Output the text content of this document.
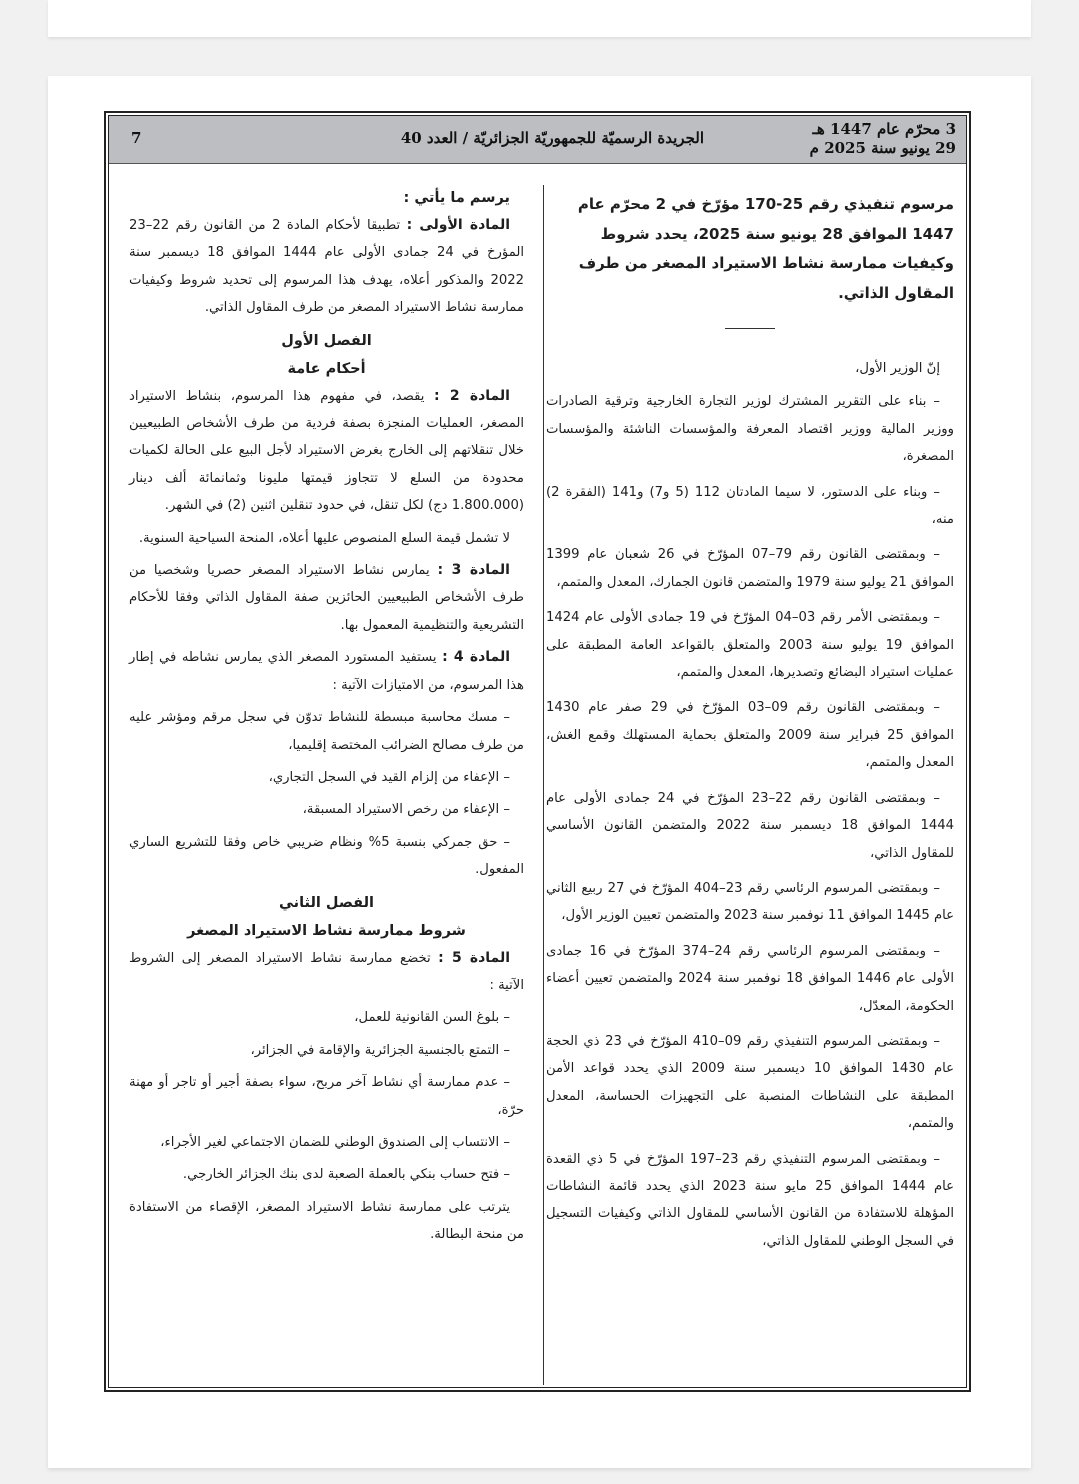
3 محرّم عام 1447 هـ
29 يونيو سنة 2025 م
الجريدة الرسميّة للجمهوريّة الجزائريّة / العدد 40
7

مرسوم تنفيذي رقم 25-170 مؤرّخ في 2 محرّم عام 1447 الموافق 28 يونيو سنة 2025، يحدد شروط وكيفيات ممارسة نشاط الاستيراد المصغر من طرف المقاول الذاتي.

إنّ الوزير الأول،

– بناء على التقرير المشترك لوزير التجارة الخارجية وترقية الصادرات ووزير المالية ووزير اقتصاد المعرفة والمؤسسات الناشئة والمؤسسات المصغرة،

– وبناء على الدستور، لا سيما المادتان 112 (5 و7) و141 (الفقرة 2) منه،

– وبمقتضى القانون رقم 79–07 المؤرّخ في 26 شعبان عام 1399 الموافق 21 يوليو سنة 1979 والمتضمن قانون الجمارك، المعدل والمتمم،

– وبمقتضى الأمر رقم 03–04 المؤرّخ في 19 جمادى الأولى عام 1424 الموافق 19 يوليو سنة 2003 والمتعلق بالقواعد العامة المطبقة على عمليات استيراد البضائع وتصديرها، المعدل والمتمم،

– وبمقتضى القانون رقم 09–03 المؤرّخ في 29 صفر عام 1430 الموافق 25 فبراير سنة 2009 والمتعلق بحماية المستهلك وقمع الغش، المعدل والمتمم،

– وبمقتضى القانون رقم 22–23 المؤرّخ في 24 جمادى الأولى عام 1444 الموافق 18 ديسمبر سنة 2022 والمتضمن القانون الأساسي للمقاول الذاتي،

– وبمقتضى المرسوم الرئاسي رقم 23–404 المؤرّخ في 27 ربيع الثاني عام 1445 الموافق 11 نوفمبر سنة 2023 والمتضمن تعيين الوزير الأول،

– وبمقتضى المرسوم الرئاسي رقم 24–374 المؤرّخ في 16 جمادى الأولى عام 1446 الموافق 18 نوفمبر سنة 2024 والمتضمن تعيين أعضاء الحكومة، المعدّل،

– وبمقتضى المرسوم التنفيذي رقم 09–410 المؤرّخ في 23 ذي الحجة عام 1430 الموافق 10 ديسمبر سنة 2009 الذي يحدد قواعد الأمن المطبقة على النشاطات المنصبة على التجهيزات الحساسة، المعدل والمتمم،

– وبمقتضى المرسوم التنفيذي رقم 23–197 المؤرّخ في 5 ذي القعدة عام 1444 الموافق 25 مايو سنة 2023 الذي يحدد قائمة النشاطات المؤهلة للاستفادة من القانون الأساسي للمقاول الذاتي وكيفيات التسجيل في السجل الوطني للمقاول الذاتي،

يرسم ما يأتي :

المادة الأولى : تطبيقا لأحكام المادة 2 من القانون رقم 22–23 المؤرخ في 24 جمادى الأولى عام 1444 الموافق 18 ديسمبر سنة 2022 والمذكور أعلاه، يهدف هذا المرسوم إلى تحديد شروط وكيفيات ممارسة نشاط الاستيراد المصغر من طرف المقاول الذاتي.

الفصل الأول

أحكام عامة

المادة 2 : يقصد، في مفهوم هذا المرسوم، بنشاط الاستيراد المصغر، العمليات المنجزة بصفة فردية من طرف الأشخاص الطبيعيين خلال تنقلاتهم إلى الخارج بغرض الاستيراد لأجل البيع على الحالة لكميات محدودة من السلع لا تتجاوز قيمتها مليونا وثمانمائة ألف دينار (1.800.000 دج) لكل تنقل، في حدود تنقلين اثنين (2) في الشهر.

لا تشمل قيمة السلع المنصوص عليها أعلاه، المنحة السياحية السنوية.

المادة 3 : يمارس نشاط الاستيراد المصغر حصريا وشخصيا من طرف الأشخاص الطبيعيين الحائزين صفة المقاول الذاتي وفقا للأحكام التشريعية والتنظيمية المعمول بها.

المادة 4 : يستفيد المستورد المصغر الذي يمارس نشاطه في إطار هذا المرسوم، من الامتيازات الآتية :

– مسك محاسبة مبسطة للنشاط تدوّن في سجل مرقم ومؤشر عليه من طرف مصالح الضرائب المختصة إقليميا،

– الإعفاء من إلزام القيد في السجل التجاري،

– الإعفاء من رخص الاستيراد المسبقة،

– حق جمركي بنسبة 5% ونظام ضريبي خاص وفقا للتشريع الساري المفعول.

الفصل الثاني

شروط ممارسة نشاط الاستيراد المصغر

المادة 5 : تخضع ممارسة نشاط الاستيراد المصغر إلى الشروط الآتية :

– بلوغ السن القانونية للعمل،

– التمتع بالجنسية الجزائرية والإقامة في الجزائر،

– عدم ممارسة أي نشاط آخر مربح، سواء بصفة أجير أو تاجر أو مهنة حرّة،

– الانتساب إلى الصندوق الوطني للضمان الاجتماعي لغير الأجراء،

– فتح حساب بنكي بالعملة الصعبة لدى بنك الجزائر الخارجي.

يترتب على ممارسة نشاط الاستيراد المصغر، الإقصاء من الاستفادة من منحة البطالة.
